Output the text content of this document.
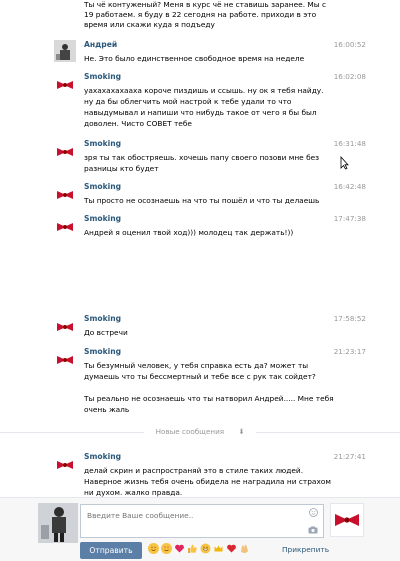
Ты чё контуженый? Меня в курс чё не ставишь заранее. Мы с 19 работаем. я буду в 22 сегодня на работе. приходи в это время или скажи куда я подъеду
Андрей	16:00:52
Не. Это было единственное свободное время на неделе
Smoking	16:02:08
уахахахахааха короче пиздишь и ссышь. ну ок я тебя найду. ну да бы облегчить мой настрой к тебе удали то что навыдумывал и напиши что нибудь такое от чего я бы был доволен. Чисто СОВЕТ тебе
Smoking	16:31:48
зря ты так обостряешь. хочешь папу своего позови мне без разницы кто будет
Smoking	16:42:48
Ты просто не осознаешь на что ты пошёл и что ты делаешь
Smoking	17:47:38
Андрей я оценил твой ход))) молодец так держать!))
Smoking	17:58:52
До встречи
Smoking	21:23:17
Ты безумный человек, у тебя справка есть да? может ты думаешь что ты бессмертный и тебе все с рук так сойдет?

Ты реально не осознаешь что ты натворил Андрей..... Мне тебя очень жаль
Новые сообщения ⬇
Smoking	21:27:41
делай скрин и распространяй это в стиле таких людей. Наверное жизнь тебя очень обидела не наградила ни страхом ни духом. жалко правда.
Введите Ваше сообщение..
Отправить	Прикрепить
